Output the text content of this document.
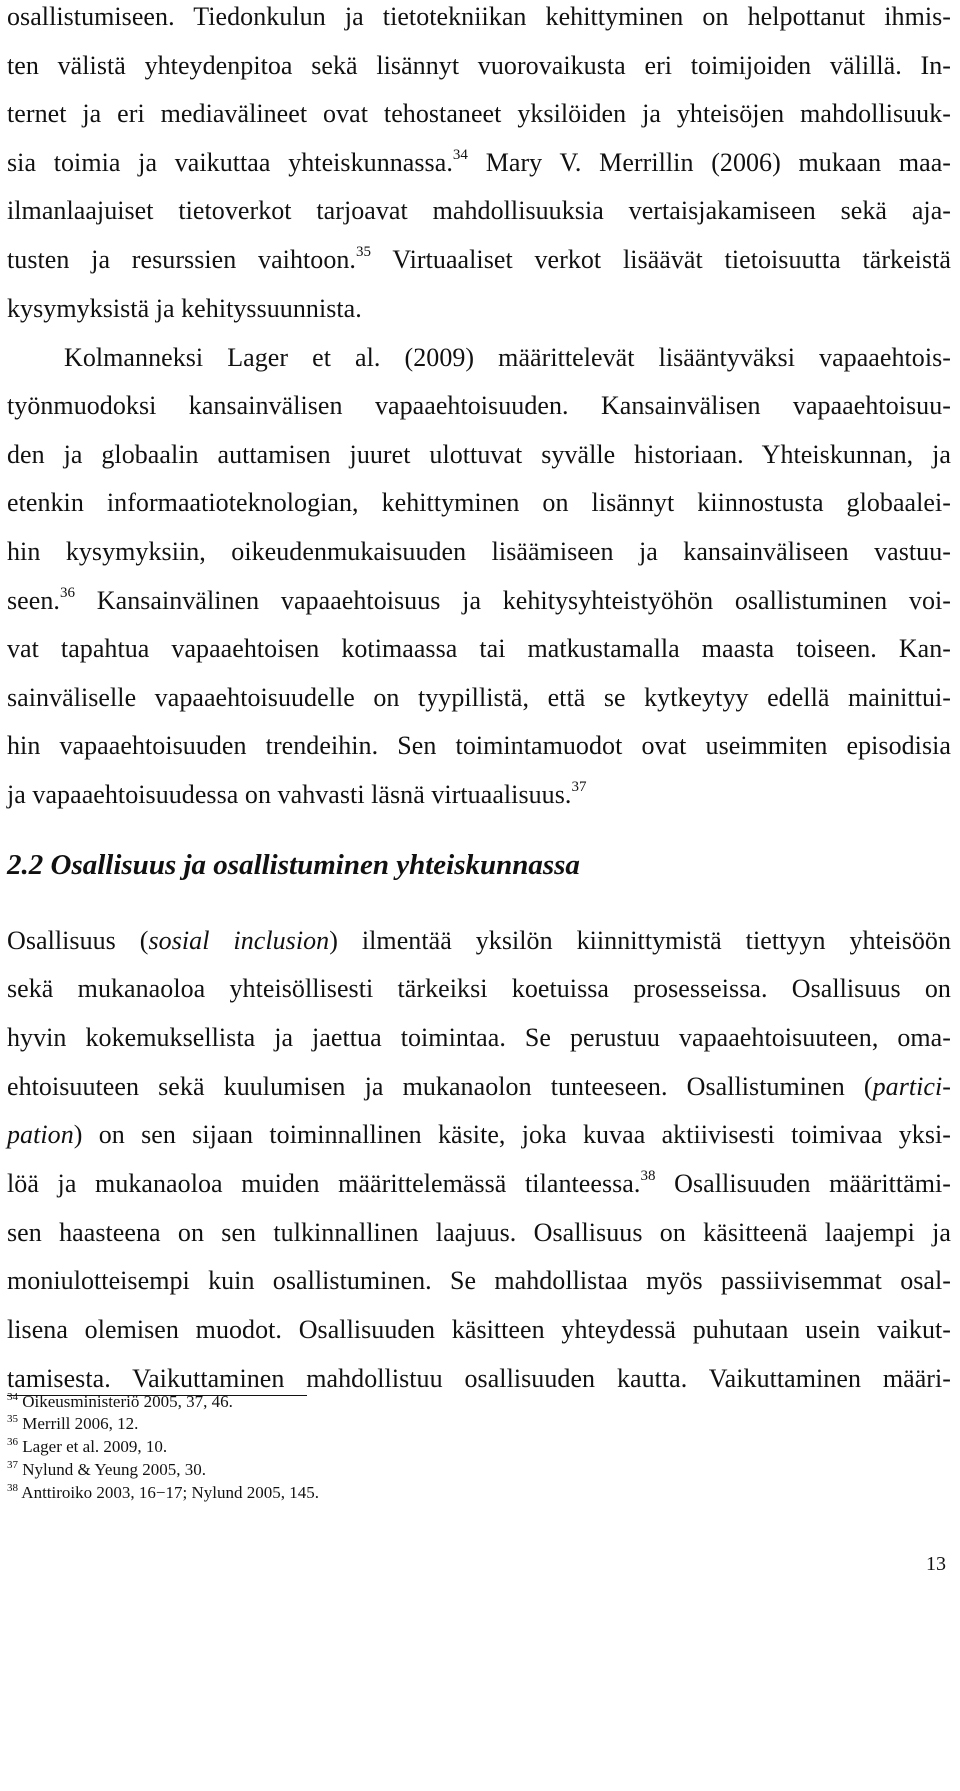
osallistumiseen. Tiedonkulun ja tietotekniikan kehittyminen on helpottanut ihmis-
ten välistä yhteydenpitoa sekä lisännyt vuorovaikusta eri toimijoiden välillä. In-
ternet ja eri mediavälineet ovat tehostaneet yksilöiden ja yhteisöjen mahdollisuuk-
sia toimia ja vaikuttaa yhteiskunnassa.$^{34}$ Mary V. Merrillin (2006) mukaan maa-
ilmanlaajuiset tietoverkot tarjoavat mahdollisuuksia vertaisjakamiseen sekä aja-
tusten ja resurssien vaihtoon.$^{35}$ Virtuaaliset verkot lisäävät tietoisuutta tärkeistä
kysymyksistä ja kehityssuunnista.
Kolmanneksi Lager et al. (2009) määrittelevät lisääntyväksi vapaaehtois-
työnmuodoksi kansainvälisen vapaaehtoisuuden. Kansainvälisen vapaaehtoisuu-
den ja globaalin auttamisen juuret ulottuvat syvälle historiaan. Yhteiskunnan, ja
etenkin informaatioteknologian, kehittyminen on lisännyt kiinnostusta globaalei-
hin kysymyksiin, oikeudenmukaisuuden lisäämiseen ja kansainväliseen vastuu-
seen.$^{36}$ Kansainvälinen vapaaehtoisuus ja kehitysyhteistyöhön osallistuminen voi-
vat tapahtua vapaaehtoisen kotimaassa tai matkustamalla maasta toiseen. Kan-
sainväliselle vapaaehtoisuudelle on tyypillistä, että se kytkeytyy edellä mainittui-
hin vapaaehtoisuuden trendeihin. Sen toimintamuodot ovat useimmiten episodisia
ja vapaaehtoisuudessa on vahvasti läsnä virtuaalisuus.$^{37}$
2.2 Osallisuus ja osallistuminen yhteiskunnassa
Osallisuus (sosial inclusion) ilmentää yksilön kiinnittymistä tiettyyn yhteisöön
sekä mukanaoloa yhteisöllisesti tärkeiksi koetuissa prosesseissa. Osallisuus on
hyvin kokemuksellista ja jaettua toimintaa. Se perustuu vapaaehtoisuuteen, oma-
ehtoisuuteen sekä kuulumisen ja mukanaolon tunteeseen. Osallistuminen (partici-
pation) on sen sijaan toiminnallinen käsite, joka kuvaa aktiivisesti toimivaa yksi-
löä ja mukanaoloa muiden määrittelemässä tilanteessa.$^{38}$ Osallisuuden määrittämi-
sen haasteena on sen tulkinnallinen laajuus. Osallisuus on käsitteenä laajempi ja
moniulotteisempi kuin osallistuminen. Se mahdollistaa myös passiivisemmat osal-
lisena olemisen muodot. Osallisuuden käsitteen yhteydessä puhutaan usein vaikut-
tamisesta. Vaikuttaminen mahdollistuu osallisuuden kautta. Vaikuttaminen määri-
$^{34}$ Oikeusministeriö 2005, 37, 46.
$^{35}$ Merrill 2006, 12.
$^{36}$ Lager et al. 2009, 10.
$^{37}$ Nylund & Yeung 2005, 30.
$^{38}$ Anttiroiko 2003, 16−17; Nylund 2005, 145.
13
